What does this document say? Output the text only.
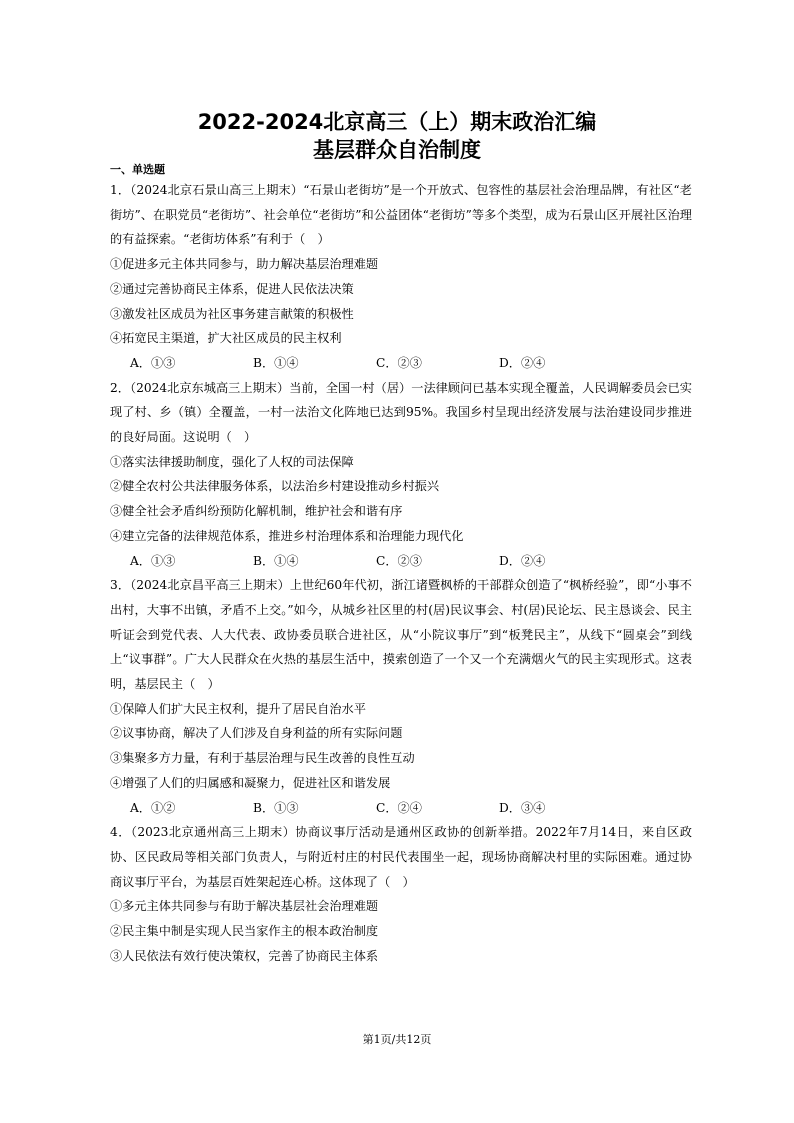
2022-2024北京高三（上）期末政治汇编
基层群众自治制度
一、单选题
1．（2024北京石景山高三上期末）“石景山老街坊”是一个开放式、包容性的基层社会治理品牌，有社区“老街坊”、在职党员“老街坊”、社会单位“老街坊”和公益团体“老街坊”等多个类型，成为石景山区开展社区治理的有益探索。“老街坊体系”有利于（　）
①促进多元主体共同参与，助力解决基层治理难题
②通过完善协商民主体系，促进人民依法决策
③激发社区成员为社区事务建言献策的积极性
④拓宽民主渠道，扩大社区成员的民主权利
A．①③	B．①④	C．②③	D．②④
2．（2024北京东城高三上期末）当前，全国一村（居）一法律顾问已基本实现全覆盖，人民调解委员会已实现了村、乡（镇）全覆盖，一村一法治文化阵地已达到95%。我国乡村呈现出经济发展与法治建设同步推进的良好局面。这说明（　）
①落实法律援助制度，强化了人权的司法保障
②健全农村公共法律服务体系，以法治乡村建设推动乡村振兴
③健全社会矛盾纠纷预防化解机制，维护社会和谐有序
④建立完备的法律规范体系，推进乡村治理体系和治理能力现代化
A．①③	B．①④	C．②③	D．②④
3．（2024北京昌平高三上期末）上世纪60年代初，浙江诸暨枫桥的干部群众创造了“枫桥经验”，即“小事不出村，大事不出镇，矛盾不上交。”如今，从城乡社区里的村(居)民议事会、村(居)民论坛、民主恳谈会、民主听证会到党代表、人大代表、政协委员联合进社区，从“小院议事厅”到“板凳民主”，从线下“圆桌会”到线上“议事群”。广大人民群众在火热的基层生活中，摸索创造了一个又一个充满烟火气的民主实现形式。这表明，基层民主（　）
①保障人们扩大民主权利，提升了居民自治水平
②议事协商，解决了人们涉及自身利益的所有实际问题
③集聚多方力量，有利于基层治理与民生改善的良性互动
④增强了人们的归属感和凝聚力，促进社区和谐发展
A．①②	B．①③	C．②④	D．③④
4．（2023北京通州高三上期末）协商议事厅活动是通州区政协的创新举措。2022年7月14日，来自区政协、区民政局等相关部门负责人，与附近村庄的村民代表围坐一起，现场协商解决村里的实际困难。通过协商议事厅平台，为基层百姓架起连心桥。这体现了（　）
①多元主体共同参与有助于解决基层社会治理难题
②民主集中制是实现人民当家作主的根本政治制度
③人民依法有效行使决策权，完善了协商民主体系
第1页/共12页
